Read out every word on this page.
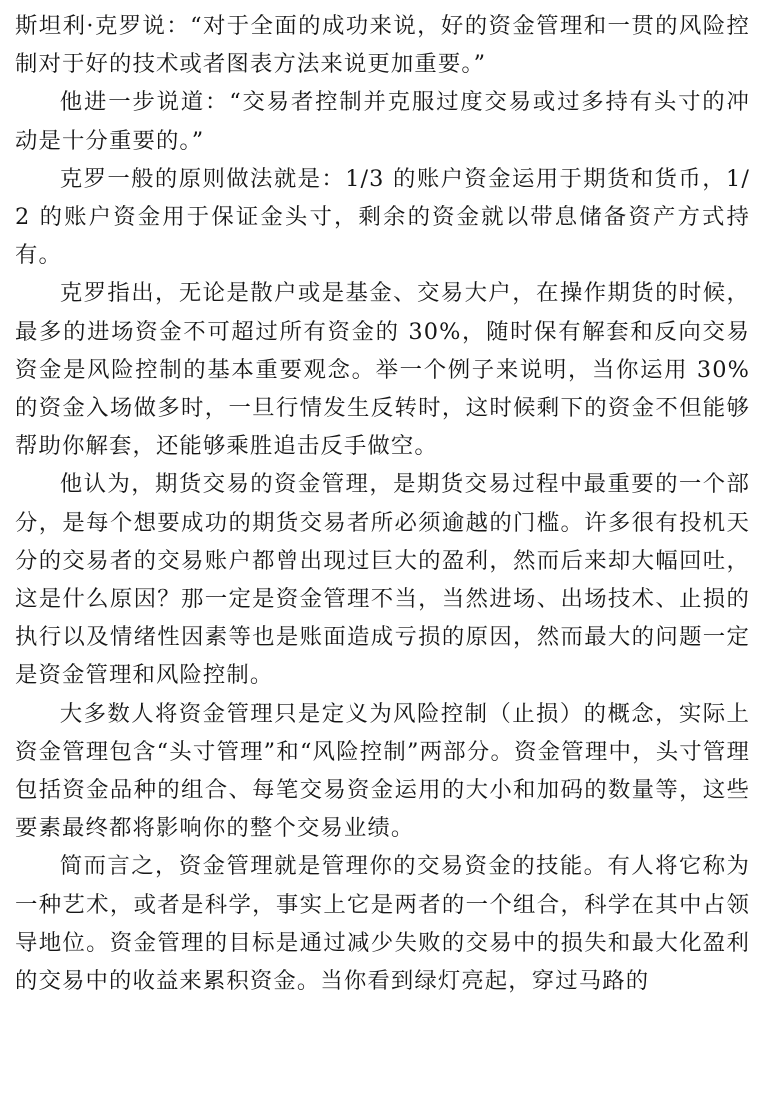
斯坦利·克罗说：“对于全面的成功来说，好的资金管理和一贯的风险控制对于好的技术或者图表方法来说更加重要。”

他进一步说道：“交易者控制并克服过度交易或过多持有头寸的冲动是十分重要的。”

克罗一般的原则做法就是：1/3 的账户资金运用于期货和货币，1/2 的账户资金用于保证金头寸，剩余的资金就以带息储备资产方式持有。

克罗指出，无论是散户或是基金、交易大户，在操作期货的时候，最多的进场资金不可超过所有资金的 30%，随时保有解套和反向交易资金是风险控制的基本重要观念。举一个例子来说明，当你运用 30% 的资金入场做多时，一旦行情发生反转时，这时候剩下的资金不但能够帮助你解套，还能够乘胜追击反手做空。

他认为，期货交易的资金管理，是期货交易过程中最重要的一个部分，是每个想要成功的期货交易者所必须逾越的门槛。许多很有投机天分的交易者的交易账户都曾出现过巨大的盈利，然而后来却大幅回吐，这是什么原因？那一定是资金管理不当，当然进场、出场技术、止损的执行以及情绪性因素等也是账面造成亏损的原因，然而最大的问题一定是资金管理和风险控制。

大多数人将资金管理只是定义为风险控制（止损）的概念，实际上资金管理包含“头寸管理”和“风险控制”两部分。资金管理中，头寸管理包括资金品种的组合、每笔交易资金运用的大小和加码的数量等，这些要素最终都将影响你的整个交易业绩。

简而言之，资金管理就是管理你的交易资金的技能。有人将它称为一种艺术，或者是科学，事实上它是两者的一个组合，科学在其中占领导地位。资金管理的目标是通过减少失败的交易中的损失和最大化盈利的交易中的收益来累积资金。当你看到绿灯亮起，穿过马路的
